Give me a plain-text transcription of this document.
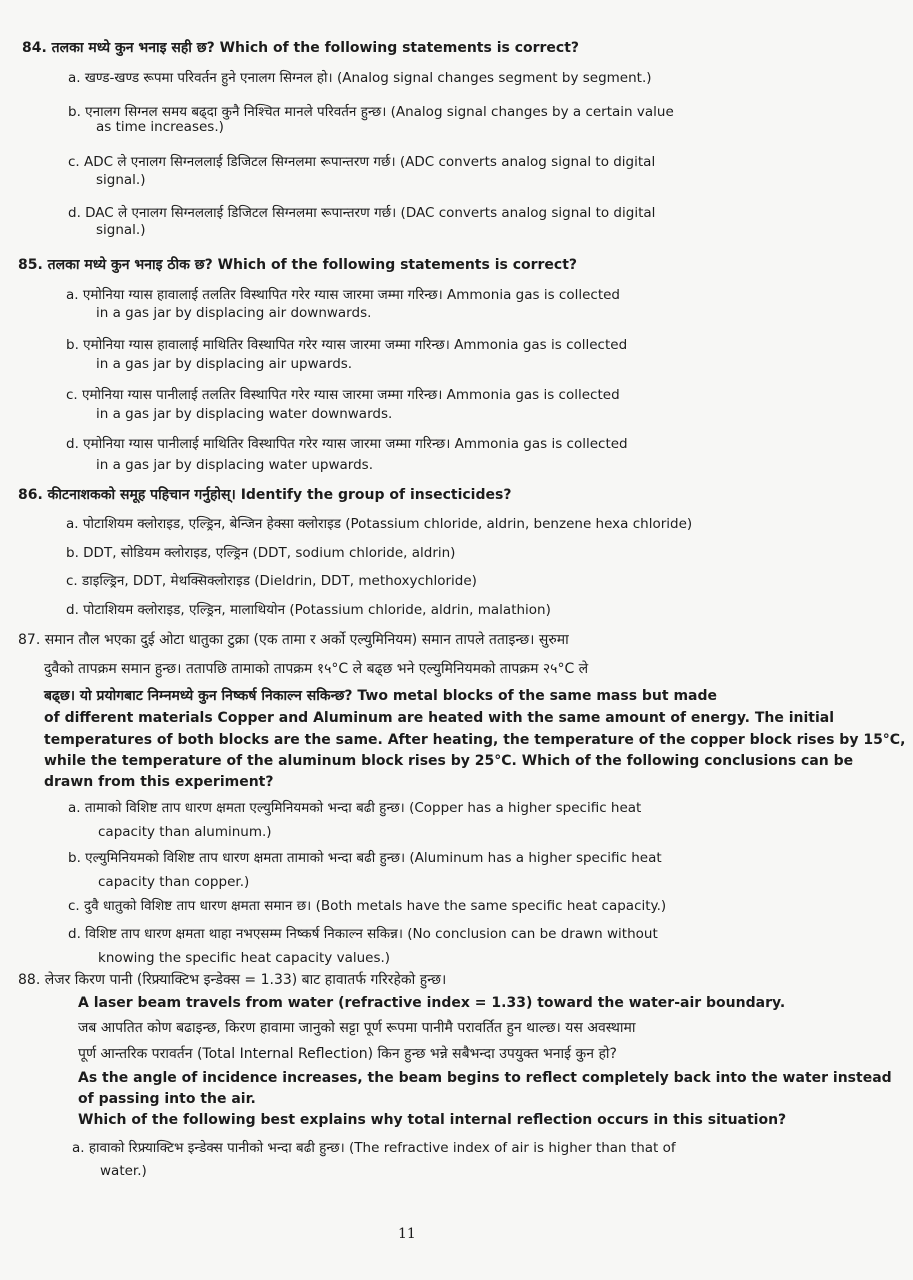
84. तलका मध्ये कुन भनाइ सही छ? Which of the following statements is correct?
a. खण्ड-खण्ड रूपमा परिवर्तन हुने एनालग सिग्नल हो। (Analog signal changes segment by segment.)
b. एनालग सिग्नल समय बढ्दा कुनै निश्चित मानले परिवर्तन हुन्छ। (Analog signal changes by a certain value
as time increases.)
c. ADC ले एनालग सिग्नललाई डिजिटल सिग्नलमा रूपान्तरण गर्छ। (ADC converts analog signal to digital
signal.)
d. DAC ले एनालग सिग्नललाई डिजिटल सिग्नलमा रूपान्तरण गर्छ। (DAC converts analog signal to digital
signal.)
85. तलका मध्ये कुन भनाइ ठीक छ? Which of the following statements is correct?
a. एमोनिया ग्यास हावालाई तलतिर विस्थापित गरेर ग्यास जारमा जम्मा गरिन्छ। Ammonia gas is collected
in a gas jar by displacing air downwards.
b. एमोनिया ग्यास हावालाई माथितिर विस्थापित गरेर ग्यास जारमा जम्मा गरिन्छ। Ammonia gas is collected
in a gas jar by displacing air upwards.
c. एमोनिया ग्यास पानीलाई तलतिर विस्थापित गरेर ग्यास जारमा जम्मा गरिन्छ। Ammonia gas is collected
in a gas jar by displacing water downwards.
d. एमोनिया ग्यास पानीलाई माथितिर विस्थापित गरेर ग्यास जारमा जम्मा गरिन्छ। Ammonia gas is collected
in a gas jar by displacing water upwards.
86. कीटनाशकको समूह पहिचान गर्नुहोस्। Identify the group of insecticides?
a. पोटाशियम क्लोराइड, एल्ड्रिन, बेन्जिन हेक्सा क्लोराइड (Potassium chloride, aldrin, benzene hexa chloride)
b. DDT, सोडियम क्लोराइड, एल्ड्रिन (DDT, sodium chloride, aldrin)
c. डाइल्ड्रिन, DDT, मेथक्सिक्लोराइड (Dieldrin, DDT, methoxychloride)
d. पोटाशियम क्लोराइड, एल्ड्रिन, मालाथियोन (Potassium chloride, aldrin, malathion)
87. समान तौल भएका दुई ओटा धातुका टुक्रा (एक तामा र अर्को एल्युमिनियम) समान तापले तताइन्छ। सुरुमा
दुवैको तापक्रम समान हुन्छ। ततापछि तामाको तापक्रम १५°C ले बढ्छ भने एल्युमिनियमको तापक्रम २५°C ले
बढ्छ। यो प्रयोगबाट निम्नमध्ये कुन निष्कर्ष निकाल्न सकिन्छ? Two metal blocks of the same mass but made
of different materials Copper and Aluminum are heated with the same amount of energy. The initial
temperatures of both blocks are the same. After heating, the temperature of the copper block rises by 15°C,
while the temperature of the aluminum block rises by 25°C. Which of the following conclusions can be
drawn from this experiment?
a. तामाको विशिष्ट ताप धारण क्षमता एल्युमिनियमको भन्दा बढी हुन्छ। (Copper has a higher specific heat
capacity than aluminum.)
b. एल्युमिनियमको विशिष्ट ताप धारण क्षमता तामाको भन्दा बढी हुन्छ। (Aluminum has a higher specific heat
capacity than copper.)
c. दुवै धातुको विशिष्ट ताप धारण क्षमता समान छ। (Both metals have the same specific heat capacity.)
d. विशिष्ट ताप धारण क्षमता थाहा नभएसम्म निष्कर्ष निकाल्न सकिन्न। (No conclusion can be drawn without
knowing the specific heat capacity values.)
88. लेजर किरण पानी (रिफ्र्याक्टिभ इन्डेक्स = 1.33) बाट हावातर्फ गरिरहेको हुन्छ।
A laser beam travels from water (refractive index = 1.33) toward the water-air boundary.
जब आपतित कोण बढाइन्छ, किरण हावामा जानुको सट्टा पूर्ण रूपमा पानीमै परावर्तित हुन थाल्छ। यस अवस्थामा
पूर्ण आन्तरिक परावर्तन (Total Internal Reflection) किन हुन्छ भन्ने सबैभन्दा उपयुक्त भनाई कुन हो?
As the angle of incidence increases, the beam begins to reflect completely back into the water instead
of passing into the air.
Which of the following best explains why total internal reflection occurs in this situation?
a. हावाको रिफ्र्याक्टिभ इन्डेक्स पानीको भन्दा बढी हुन्छ। (The refractive index of air is higher than that of
water.)
11
